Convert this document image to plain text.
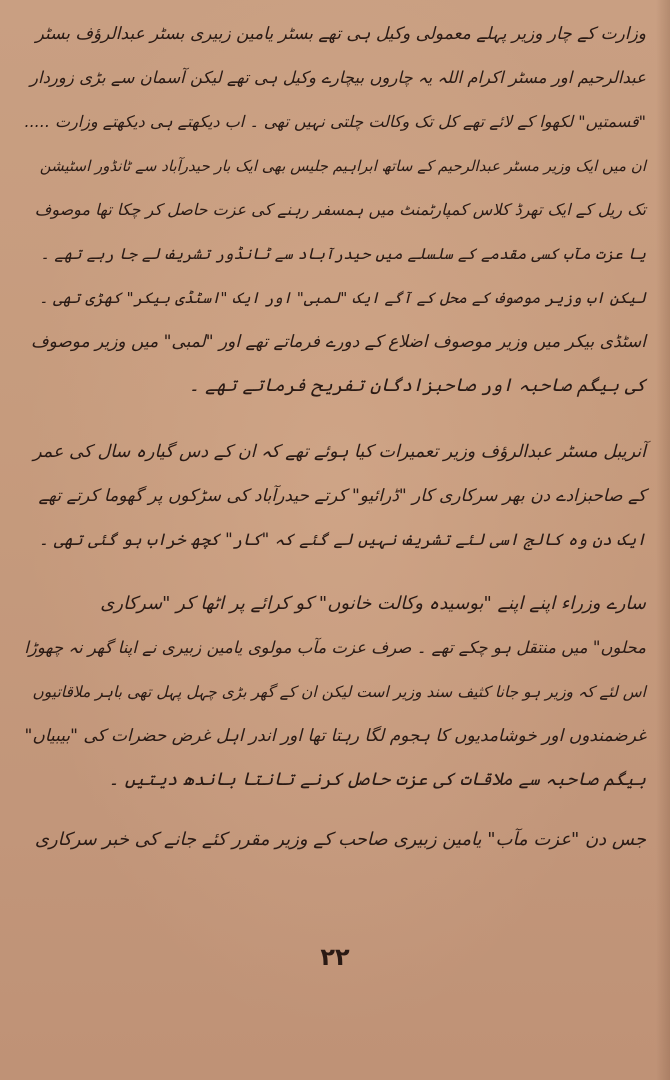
وزارت کے چار وزیر پہلے معمولی وکیل ہی تھے بسٹر یامین زبیری بسٹر عبدالرؤف بسٹر
عبدالرحیم اور مسٹر اکرام اللہ یہ چاروں بیچارے وکیل ہی تھے لیکن آسمان سے بڑی زوردار
"قسمتیں" لکھوا کے لائے تھے کل تک وکالت چلتی نہیں تھی ۔ اب دیکھتے ہی دیکھتے وزارت .....
ان میں ایک وزیر مسٹر عبدالرحیم کے ساتھ ابراہیم جلیس بھی ایک بار حیدرآباد سے ٹانڈور اسٹیشن
تک ریل کے ایک تھرڈ کلاس کمپارٹمنٹ میں ہمسفر رہنے کی عزت حاصل کر چکا تھا موصوف
یا عزت مآب کسی مقدمے کے سلسلے میں حیدرآباد سے ٹانڈور تشریف لے جا رہے تھے ۔
لیکن اب وزیر موصوف کے محل کے آگے ایک "لمبی" اور ایک "اسٹڈی بیکر" کھڑی تھی ۔
اسٹڈی بیکر میں وزیر موصوف اضلاع کے دورے فرماتے تھے اور "لمبی" میں وزیر موصوف
کی بیگم صاحبہ اور صاحبزادگان تفریح فرماتے تھے ۔
آنریبل مسٹر عبدالرؤف وزیر تعمیرات کیا ہوئے تھے کہ ان کے دس گیارہ سال کی عمر
کے صاحبزادے دن بھر سرکاری کار "ڈرائیو" کرتے حیدرآباد کی سڑکوں پر گھوما کرتے تھے
ایک دن وہ کالج اسی لئے تشریف نہیں لے گئے کہ "کار" کچھ خراب ہو گئی تھی ۔
سارے وزراء اپنے اپنے "بوسیدہ وکالت خانوں" کو کرائے پر اٹھا کر "سرکاری
محلوں" میں منتقل ہو چکے تھے ۔ صرف عزت مآب مولوی یامین زبیری نے اپنا گھر نہ چھوڑا
اس لئے کہ وزیر ہو جانا کثیف سند وزیر است لیکن ان کے گھر بڑی چہل پہل تھی باہر ملاقاتیوں
غرضمندوں اور خوشامدیوں کا ہجوم لگا رہتا تھا اور اندر اہل غرض حضرات کی "بیبیاں"
بیگم صاحبہ سے ملاقات کی عزت حاصل کرنے تانتا باندھ دیتیں ۔
جس دن "عزت مآب" یامین زبیری صاحب کے وزیر مقرر کئے جانے کی خبر سرکاری
۲۲
